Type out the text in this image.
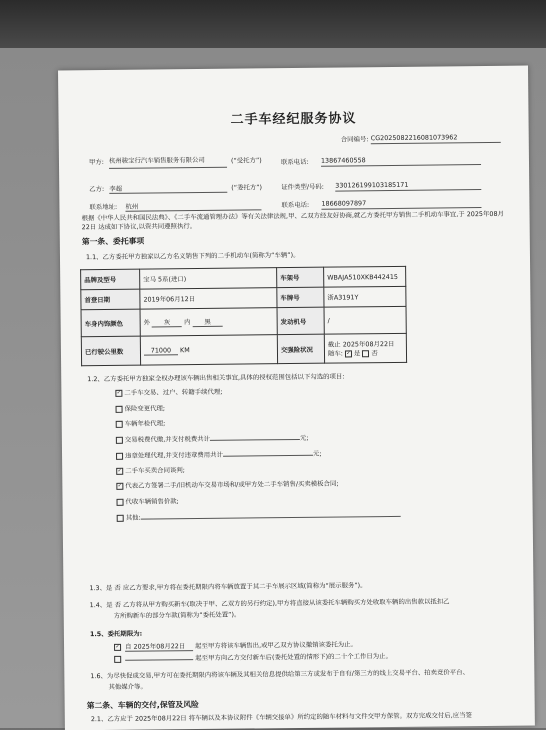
二手车经纪服务协议
合同编号: CG2025082216081073962
甲方: 杭州骏宝行汽车销售服务有限公司	(“受托方”)	联系电话: 13867460558
乙方: 李超	(“委托方”)	证件类型/号码: 330126199103185171
联系地址: 杭州	联系电话: 18668097897
根据《中华人民共和国民法典》、《二手车流通管理办法》等有关法律法规,甲、乙双方经友好协商,就乙方委托甲方销售二手机动车事宜,于 2025年08月22日 达成如下协议,以资共同遵照执行。
第一条、委托事项
1.1、乙方委托甲方独家以乙方名义销售下列的二手机动车(简称为“车辆”)。
品牌及型号	宝马 5系(进口)	车架号	WBAJA510XKB442415
首登日期	2019年06月12日	车牌号	浙A3191Y
车身内饰颜色	外 灰 内 黑	发动机号	/
已行驶公里数	71000 KM	交强险状况	截止 2025年08月22日
随车: ✓ 是 否
1.2、乙方委托甲方独家全权办理该车辆出售相关事宜,具体的授权范围包括以下勾选的项目:
✓ 二手车交易、过户、转籍手续代理;
保险变更代理;
车辆年检代理;
交易税费代缴,并支付税费共计	元;
违章处理代理,并支付违章费用共计	元;
✓ 二手车买卖合同谈判;
✓ 代表乙方签署二手/旧机动车交易市场和/或甲方处二手车销售/买卖模板合同;
代收车辆销售价款;
其他:
1.3、是 否 应乙方要求,甲方将在委托期限内将车辆放置于其二手车展示区域(简称为“展示服务”)。
1.4、是 否 乙方将从甲方购买新车(取决于甲、乙双方的另行约定),甲方将直接从该委托车辆购买方处收取车辆的出售款以抵扣乙
方所购新车的部分车款(简称为“委托处置”)。
1.5、委托期限为:
✓ 自 2025年08月22日 起至甲方将该车辆售出,或甲乙双方协议撤销该委托为止。
起至甲方向乙方交付新车后(委托处置的情形下)的二十个工作日为止。
1.6、为尽快促成交易,甲方可在委托期限内将该车辆及其相关信息提供给第三方或发布于自有/第三方的线上交易平台、拍卖竞价平台、
其他媒介等。
第二条、车辆的交付,保管及风险
2.1、乙方应于 2025年08月22日 将车辆以及本协议附件《车辆交接单》所约定的随车材料与文件交甲方保管。双方完成交付后,应当签
